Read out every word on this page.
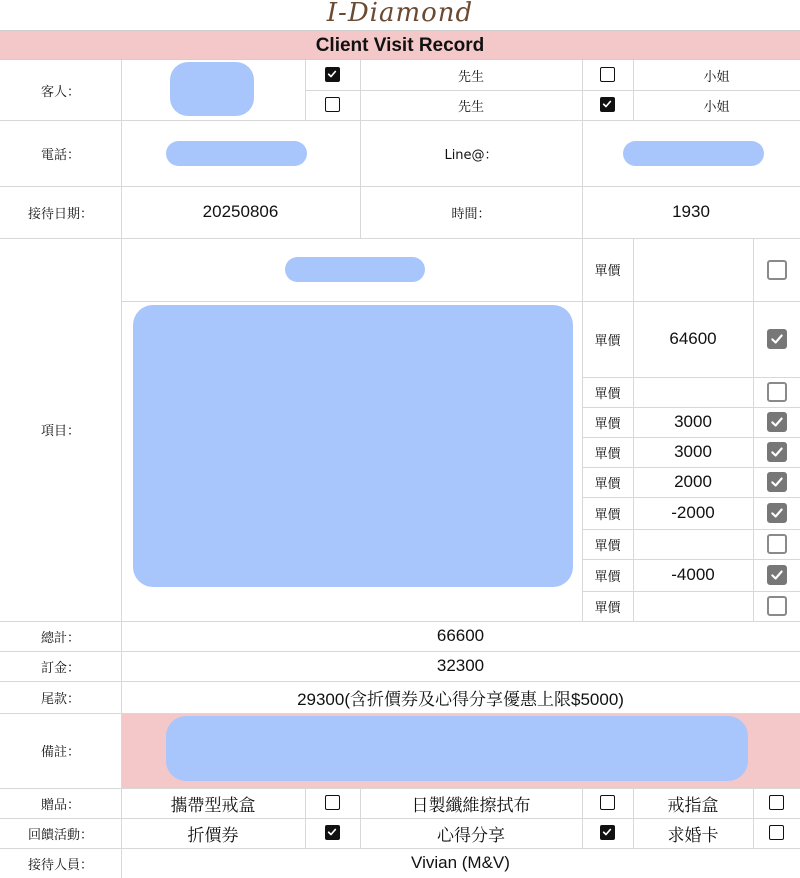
I-Diamond
Client Visit Record
客人：
先生	小姐
先生	小姐
電話：	Line@：
接待日期：	20250806	時間：	1930
項目：
單價
單價	64600
單價
單價	3000
單價	3000
單價	2000
單價	-2000
單價
單價	-4000
單價
總計：	66600
訂金：	32300
尾款：	29300(含折價券及心得分享優惠上限$5000)
備註：
贈品：	攜帶型戒盒	日製纖維擦拭布	戒指盒
回饋活動：	折價券	心得分享	求婚卡
接待人員：	Vivian (M&V)
